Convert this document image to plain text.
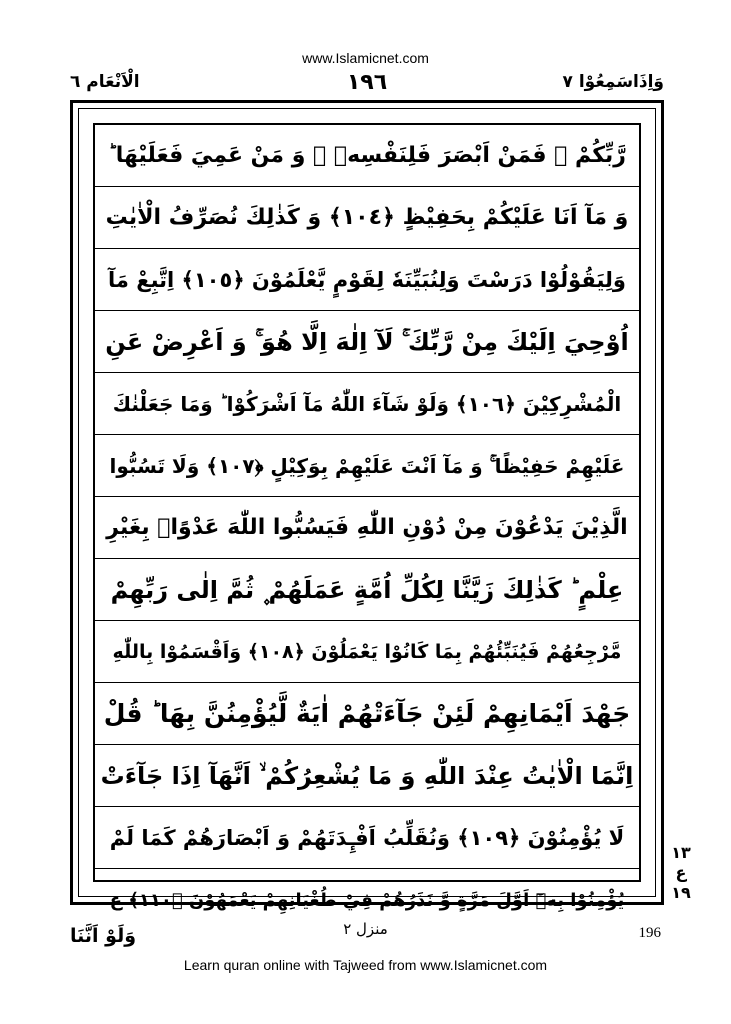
www.Islamicnet.com
الْاَنْعَام ٦	١٩٦	وَاِذَاسَمِعُوْا ٧
رَّبِّكُمْ ۚ فَمَنْ اَبْصَرَ فَلِنَفْسِهٖ ۚ وَ مَنْ عَمِيَ فَعَلَيْهَا ؕ
وَ مَآ اَنَا عَلَيْكُمْ بِحَفِيْظٍ ﴿١٠٤﴾ وَ كَذٰلِكَ نُصَرِّفُ الْاٰيٰتِ
وَلِيَقُوْلُوْا دَرَسْتَ وَلِنُبَيِّنَهٗ لِقَوْمٍ يَّعْلَمُوْنَ ﴿١٠٥﴾ اِتَّبِعْ مَآ
اُوْحِيَ اِلَيْكَ مِنْ رَّبِّكَ ۚ لَآ اِلٰهَ اِلَّا هُوَ ۚ وَ اَعْرِضْ عَنِ
الْمُشْرِكِيْنَ ﴿١٠٦﴾ وَلَوْ شَآءَ اللّٰهُ مَآ اَشْرَكُوْا ؕ وَمَا جَعَلْنٰكَ
عَلَيْهِمْ حَفِيْظًا ۚ وَ مَآ اَنْتَ عَلَيْهِمْ بِوَكِيْلٍ ﴿١٠٧﴾ وَلَا تَسُبُّوا
الَّذِيْنَ يَدْعُوْنَ مِنْ دُوْنِ اللّٰهِ فَيَسُبُّوا اللّٰهَ عَدْوًاۢ بِغَيْرِ
عِلْمٍ ؕ كَذٰلِكَ زَيَّنَّا لِكُلِّ اُمَّةٍ عَمَلَهُمْ ۪ ثُمَّ اِلٰى رَبِّهِمْ
مَّرْجِعُهُمْ فَيُنَبِّئُهُمْ بِمَا كَانُوْا يَعْمَلُوْنَ ﴿١٠٨﴾ وَاَقْسَمُوْا بِاللّٰهِ
جَهْدَ اَيْمَانِهِمْ لَئِنْ جَآءَتْهُمْ اٰيَةٌ لَّيُؤْمِنُنَّ بِهَا ؕ قُلْ
اِنَّمَا الْاٰيٰتُ عِنْدَ اللّٰهِ وَ مَا يُشْعِرُكُمْ ۙ اَنَّهَآ اِذَا جَآءَتْ
لَا يُؤْمِنُوْنَ ﴿١٠٩﴾ وَنُقَلِّبُ اَفْـِٕدَتَهُمْ وَ اَبْصَارَهُمْ كَمَا لَمْ
يُؤْمِنُوْا بِهٖٓ اَوَّلَ مَرَّةٍ وَّ نَذَرُهُمْ فِيْ طُغْيَانِهِمْ يَعْمَهُوْنَ ﴿١١٠﴾ ع
١٣
ع
١٩
وَلَوْ اَنَّنَا	منزل ٢	196
Learn quran online with Tajweed from www.Islamicnet.com
